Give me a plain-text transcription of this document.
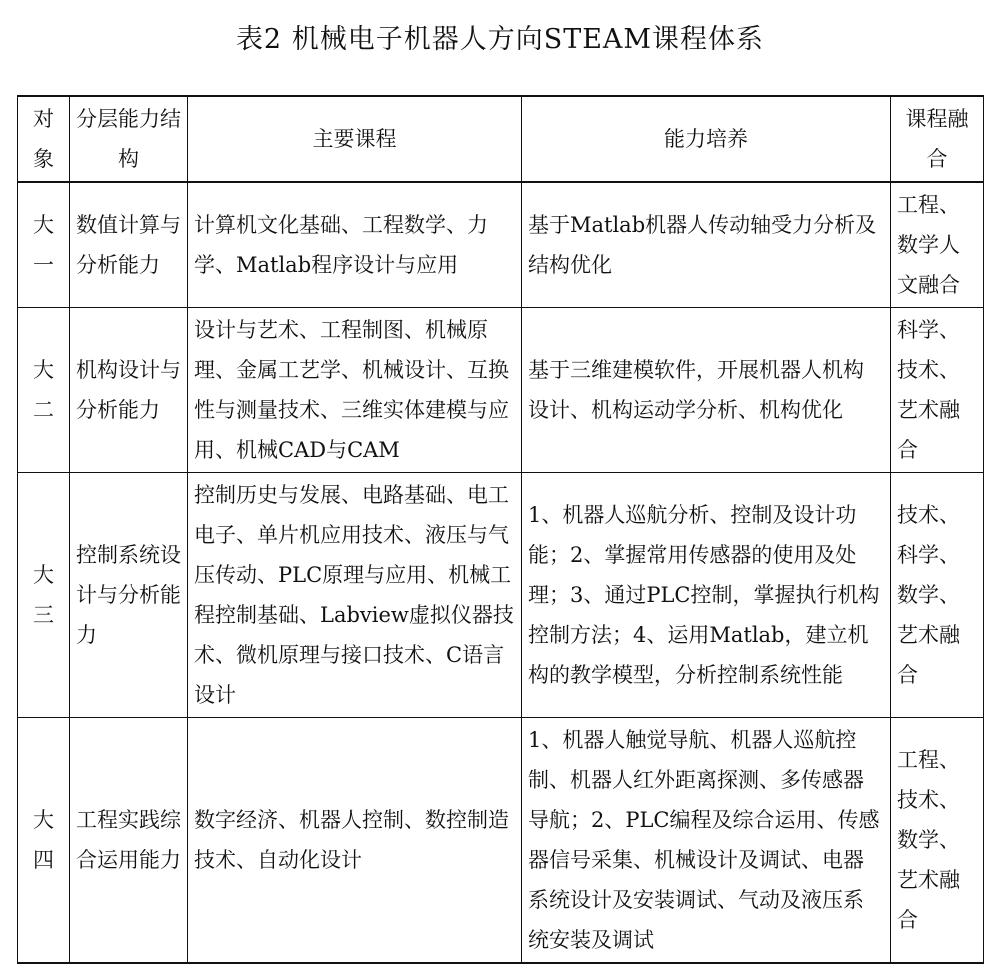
表2 机械电子机器人方向STEAM课程体系
对象	分层能力结构	主要课程	能力培养	课程融合
大一	数值计算与分析能力	计算机文化基础、工程数学、力学、Matlab程序设计与应用	基于Matlab机器人传动轴受力分析及结构优化	工程、数学人文融合
大二	机构设计与分析能力	设计与艺术、工程制图、机械原理、金属工艺学、机械设计、互换性与测量技术、三维实体建模与应用、机械CAD与CAM	基于三维建模软件，开展机器人机构设计、机构运动学分析、机构优化	科学、技术、艺术融合
大三	控制系统设计与分析能力	控制历史与发展、电路基础、电工电子、单片机应用技术、液压与气压传动、PLC原理与应用、机械工程控制基础、Labview虚拟仪器技术、微机原理与接口技术、C语言设计	1、机器人巡航分析、控制及设计功能；2、掌握常用传感器的使用及处理；3、通过PLC控制，掌握执行机构控制方法；4、运用Matlab，建立机构的教学模型，分析控制系统性能	技术、科学、数学、艺术融合
大四	工程实践综合运用能力	数字经济、机器人控制、数控制造技术、自动化设计	1、机器人触觉导航、机器人巡航控制、机器人红外距离探测、多传感器导航；2、PLC编程及综合运用、传感器信号采集、机械设计及调试、电器系统设计及安装调试、气动及液压系统安装及调试	工程、技术、数学、艺术融合
